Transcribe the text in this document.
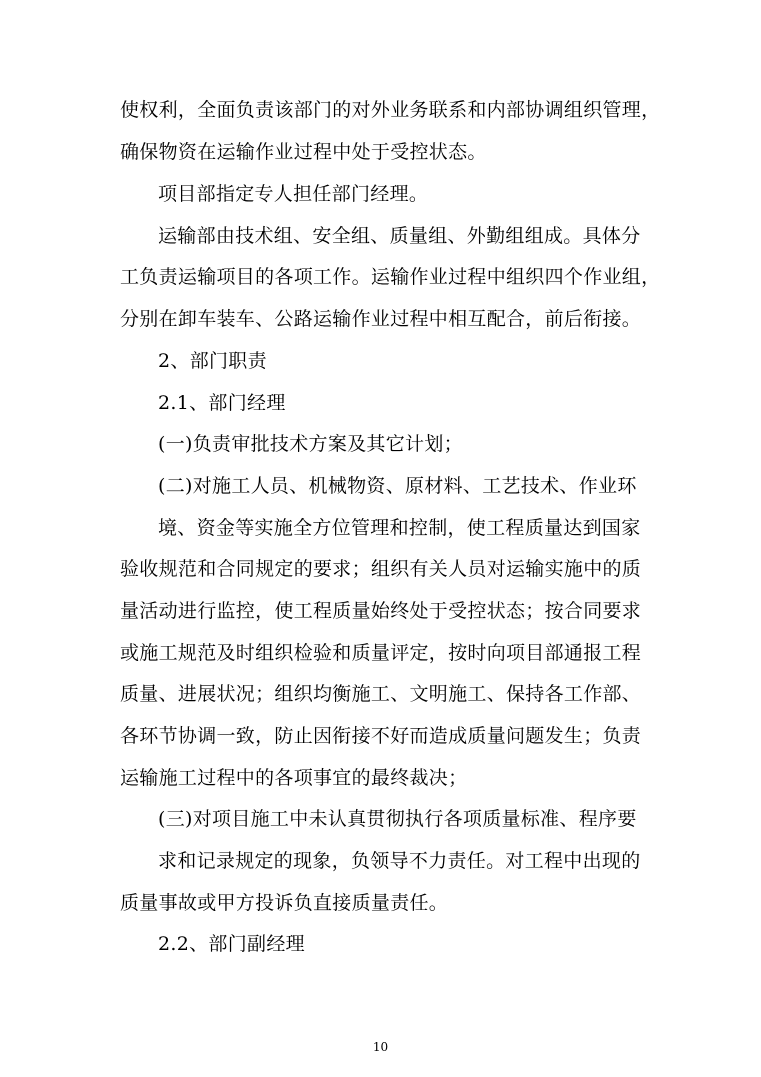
使权利，全面负责该部门的对外业务联系和内部协调组织管理，
确保物资在运输作业过程中处于受控状态。
项目部指定专人担任部门经理。
运输部由技术组、安全组、质量组、外勤组组成。具体分
工负责运输项目的各项工作。运输作业过程中组织四个作业组，
分别在卸车装车、公路运输作业过程中相互配合，前后衔接。
2、部门职责
2.1、部门经理
(一)负责审批技术方案及其它计划；
(二)对施工人员、机械物资、原材料、工艺技术、作业环
境、资金等实施全方位管理和控制，使工程质量达到国家
验收规范和合同规定的要求；组织有关人员对运输实施中的质
量活动进行监控，使工程质量始终处于受控状态；按合同要求
或施工规范及时组织检验和质量评定，按时向项目部通报工程
质量、进展状况；组织均衡施工、文明施工、保持各工作部、
各环节协调一致，防止因衔接不好而造成质量问题发生；负责
运输施工过程中的各项事宜的最终裁决；
(三)对项目施工中未认真贯彻执行各项质量标准、程序要
求和记录规定的现象，负领导不力责任。对工程中出现的
质量事故或甲方投诉负直接质量责任。
2.2、部门副经理
10
